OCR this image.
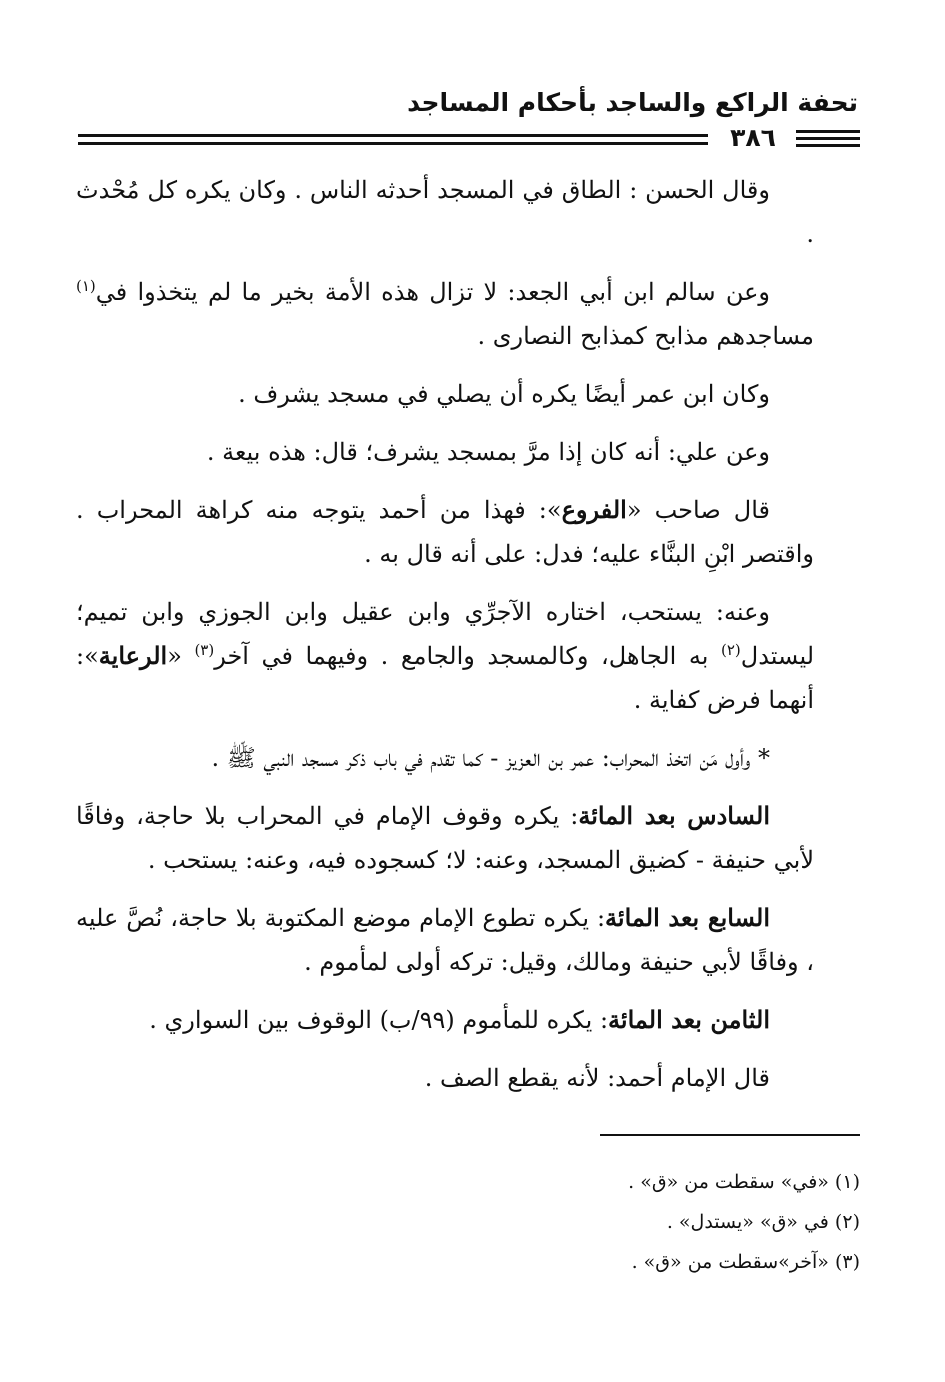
تحفة الراكع والساجد بأحكام المساجد
٣٨٦

وقال الحسن : الطاق في المسجد أحدثه الناس . وكان يكره كل مُحْدث .

وعن سالم ابن أبي الجعد: لا تزال هذه الأمة بخير ما لم يتخذوا في$^{(١)}$ مساجدهم مذابح كمذابح النصارى .

وكان ابن عمر أيضًا يكره أن يصلي في مسجد يشرف .

وعن علي: أنه كان إذا مرَّ بمسجد يشرف؛ قال: هذه بيعة .

قال صاحب «الفروع»: فهذا من أحمد يتوجه منه كراهة المحراب . واقتصر ابْنِ البنَّاء عليه؛ فدل: على أنه قال به .

وعنه: يستحب، اختاره الآجرِّي وابن عقيل وابن الجوزي وابن تميم؛ ليستدل$^{(٢)}$ به الجاهل، وكالمسجد والجامع . وفيهما في آخر$^{(٣)}$ «الرعاية»: أنهما فرض كفاية .

* وأول مَن اتخذ المحراب: عمر بن العزيز - كما تقدم في باب ذكر مسجد النبي ﷺ .

السادس بعد المائة: يكره وقوف الإمام في المحراب بلا حاجة، وفاقًا لأبي حنيفة - كضيق المسجد، وعنه: لا؛ كسجوده فيه، وعنه: يستحب .

السابع بعد المائة: يكره تطوع الإمام موضع المكتوبة بلا حاجة، نُصَّ عليه ، وفاقًا لأبي حنيفة ومالك، وقيل: تركه أولى لمأموم .

الثامن بعد المائة: يكره للمأموم (٩٩/ب) الوقوف بين السواري .

قال الإمام أحمد: لأنه يقطع الصف .

(١) «في» سقطت من «ق» .
(٢) في «ق» «يستدل» .
(٣) «آخر»سقطت من «ق» .
